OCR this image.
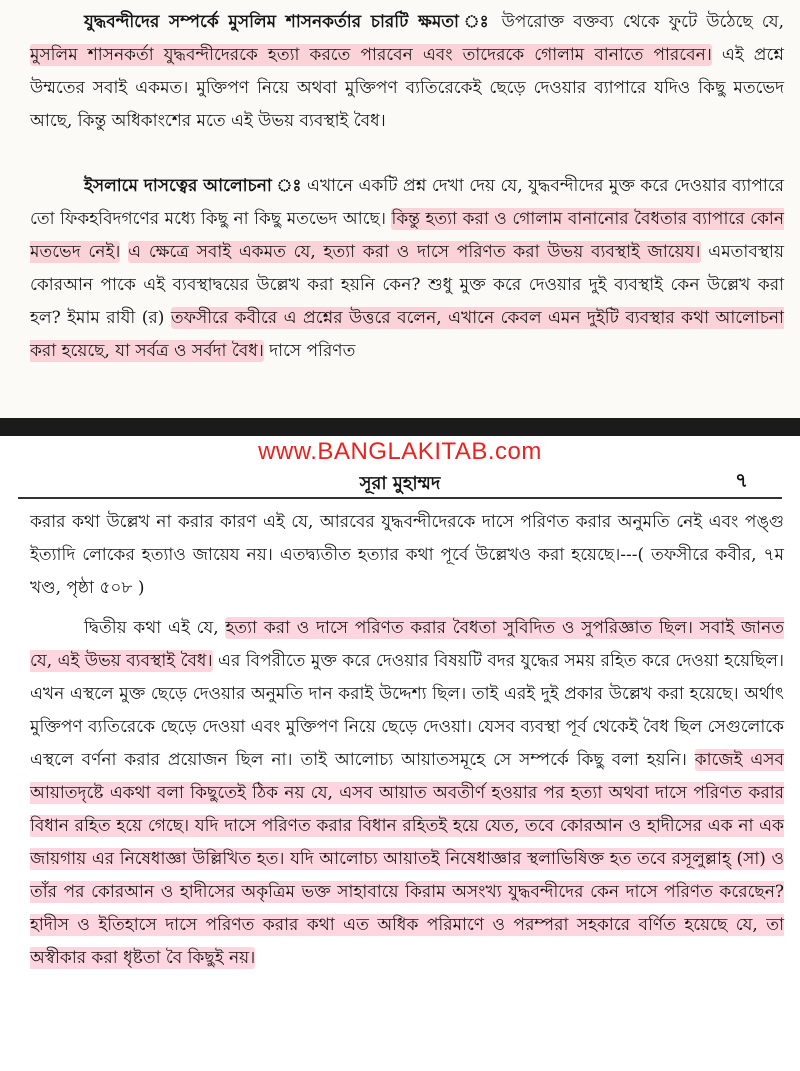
যুদ্ধবন্দীদের সম্পর্কে মুসলিম শাসনকর্তার চারটি ক্ষমতা ঃ উপরোক্ত বক্তব্য থেকে ফুটে উঠেছে যে, মুসলিম শাসনকর্তা যুদ্ধবন্দীদেরকে হত্যা করতে পারবেন এবং তাদেরকে গোলাম বানাতে পারবেন। এই প্রশ্নে উম্মতের সবাই একমত। মুক্তিপণ নিয়ে অথবা মুক্তিপণ ব্যতিরেকেই ছেড়ে দেওয়ার ব্যাপারে যদিও কিছু মতভেদ আছে, কিন্তু অধিকাংশের মতে এই উভয় ব্যবস্থাই বৈধ।

ইসলামে দাসত্বের আলোচনা ঃ এখানে একটি প্রশ্ন দেখা দেয় যে, যুদ্ধবন্দীদের মুক্ত করে দেওয়ার ব্যাপারে তো ফিকহবিদগণের মধ্যে কিছু না কিছু মতভেদ আছে। কিন্তু হত্যা করা ও গোলাম বানানোর বৈধতার ব্যাপারে কোন মতভেদ নেই। এ ক্ষেত্রে সবাই একমত যে, হত্যা করা ও দাসে পরিণত করা উভয় ব্যবস্থাই জায়েয। এমতাবস্থায় কোরআন পাকে এই ব্যবস্থাদ্বয়ের উল্লেখ করা হয়নি কেন? শুধু মুক্ত করে দেওয়ার দুই ব্যবস্থাই কেন উল্লেখ করা হল? ইমাম রাযী (র) তফসীরে কবীরে এ প্রশ্নের উত্তরে বলেন, এখানে কেবল এমন দুইটি ব্যবস্থার কথা আলোচনা করা হয়েছে, যা সর্বত্র ও সর্বদা বৈধ। দাসে পরিণত

www.BANGLAKITAB.com
সূরা মুহাম্মদ	৭

করার কথা উল্লেখ না করার কারণ এই যে, আরবের যুদ্ধবন্দীদেরকে দাসে পরিণত করার অনুমতি নেই এবং পঙ্গু ইত্যাদি লোকের হত্যাও জায়েয নয়। এতদ্ব্যতীত হত্যার কথা পূর্বে উল্লেখও করা হয়েছে।---( তফসীরে কবীর, ৭ম খণ্ড, পৃষ্ঠা ৫০৮ )

দ্বিতীয় কথা এই যে, হত্যা করা ও দাসে পরিণত করার বৈধতা সুবিদিত ও সুপরিজ্ঞাত ছিল। সবাই জানত যে, এই উভয় ব্যবস্থাই বৈধ। এর বিপরীতে মুক্ত করে দেওয়ার বিষয়টি বদর যুদ্ধের সময় রহিত করে দেওয়া হয়েছিল। এখন এস্থলে মুক্ত ছেড়ে দেওয়ার অনুমতি দান করাই উদ্দেশ্য ছিল। তাই এরই দুই প্রকার উল্লেখ করা হয়েছে। অর্থাৎ মুক্তিপণ ব্যতিরেকে ছেড়ে দেওয়া এবং মুক্তিপণ নিয়ে ছেড়ে দেওয়া। যেসব ব্যবস্থা পূর্ব থেকেই বৈধ ছিল সেগুলোকে এস্থলে বর্ণনা করার প্রয়োজন ছিল না। তাই আলোচ্য আয়াতসমূহে সে সম্পর্কে কিছু বলা হয়নি। কাজেই এসব আয়াতদৃষ্টে একথা বলা কিছুতেই ঠিক নয় যে, এসব আয়াত অবতীর্ণ হওয়ার পর হত্যা অথবা দাসে পরিণত করার বিধান রহিত হয়ে গেছে। যদি দাসে পরিণত করার বিধান রহিতই হয়ে যেত, তবে কোরআন ও হাদীসের এক না এক জায়গায় এর নিষেধাজ্ঞা উল্লিখিত হত। যদি আলোচ্য আয়াতই নিষেধাজ্ঞার স্থলাভিষিক্ত হত তবে রসূলুল্লাহ্ (সা) ও তাঁর পর কোরআন ও হাদীসের অকৃত্রিম ভক্ত সাহাবায়ে কিরাম অসংখ্য যুদ্ধবন্দীদের কেন দাসে পরিণত করেছেন? হাদীস ও ইতিহাসে দাসে পরিণত করার কথা এত অধিক পরিমাণে ও পরম্পরা সহকারে বর্ণিত হয়েছে যে, তা অস্বীকার করা ধৃষ্টতা বৈ কিছুই নয়।
